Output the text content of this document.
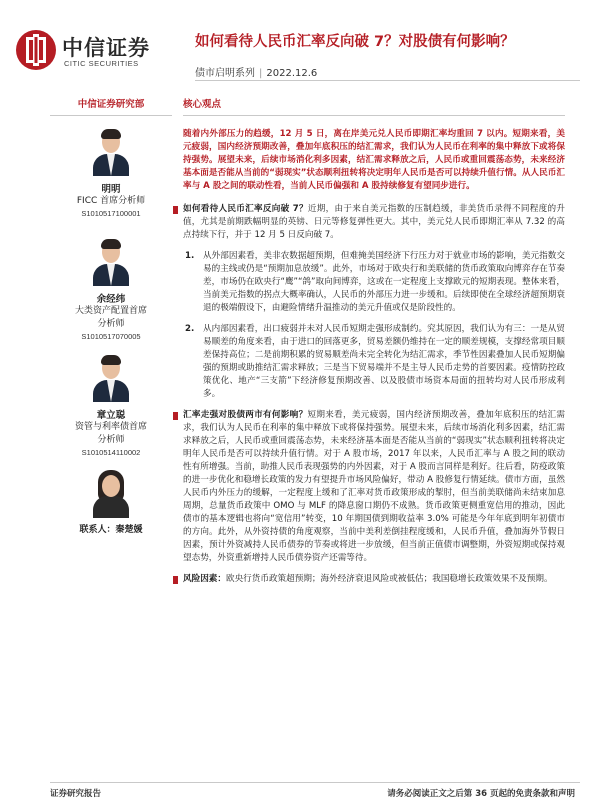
中信证券
CITIC SECURITIES
如何看待人民币汇率反向破 7？对股债有何影响？
债市启明系列 | 2022.12.6
中信证券研究部
明明
FICC 首席分析师
S1010517100001
余经纬
大类资产配置首席
分析师
S1010517070005
章立聪
资管与利率债首席
分析师
S1010514110002
联系人：秦楚媛
核心观点
随着内外部压力的趋缓，12 月 5 日，离在岸美元兑人民币即期汇率均重回 7 以内。短期来看，美元疲弱，国内经济预期改善，叠加年底积压的结汇需求，我们认为人民币在利率的集中释放下或将保持强势。展望未来，后续市场消化利多因素，结汇需求释放之后，人民币或重回震荡态势，未来经济基本面是否能从当前的“弱现实”状态顺利扭转将决定明年人民币是否可以持续升值行情。从人民币汇率与 A 股之间的联动性看，当前人民币偏强和 A 股持续修复有望同步进行。
如何看待人民币汇率反向破 7？近期，由于来自美元指数的压制趋缓，非美货币录得不同程度的升值，尤其是前期跌幅明显的英镑、日元等修复弹性更大。其中，美元兑人民币即期汇率从 7.32 的高点持续下行，并于 12 月 5 日反向破 7。
1. 从外部因素看，美非农数据超预期，但难掩美国经济下行压力对于就业市场的影响，美元指数交易的主线或仍是“预期加息放缓”。此外，市场对于欧央行和美联储的货币政策取向博弈存在节奏差，市场仍在欧央行“鹰”“鸽”取向间博弈，这或在一定程度上支撑欧元的短期表现。整体来看，当前美元指数的拐点大概率确认，人民币的外部压力进一步缓和。后续即使在全球经济超预期衰退的极端假设下，由避险情绪升温推动的美元升值或仅是阶段性的。
2. 从内部因素看，出口疲弱并未对人民币短期走强形成制约。究其原因，我们认为有三：一是从贸易顺差的角度来看，由于进口的回落更多，贸易差额仍维持在一定的顺差规模，支撑经常项目顺差保持高位；二是前期积累的贸易顺差尚未完全转化为结汇需求，季节性因素叠加人民币短期偏强的预期或助推结汇需求释放；三是当下贸易端并不是主导人民币走势的首要因素。疫情防控政策优化、地产“三支箭”下经济修复预期改善、以及股债市场资本局面的扭转均对人民币形成利多。
汇率走强对股债两市有何影响？短期来看，美元疲弱，国内经济预期改善，叠加年底积压的结汇需求，我们认为人民币在利率的集中释放下或将保持强势。展望未来，后续市场消化利多因素，结汇需求释放之后，人民币或重回震荡态势，未来经济基本面是否能从当前的“弱现实”状态顺利扭转将决定明年人民币是否可以持续升值行情。对于 A 股市场，2017 年以来，人民币汇率与 A 股之间的联动性有所增强。当前，助推人民币表现强势的内外因素，对于 A 股而言同样是利好。往后看，防疫政策的进一步优化和稳增长政策的发力有望提升市场风险偏好，带动 A 股修复行情延续。债市方面，虽然人民币内外压力的缓解，一定程度上缓和了汇率对货币政策形成的掣肘，但当前美联储尚未结束加息周期，总量货币政策中 OMO 与 MLF 的降息窗口期仍不成熟。货币政策更侧重宽信用的推动，因此债市的基本逻辑也将向“宽信用”转变，10 年期国债到期收益率 3.0% 可能是今年年底到明年初债市的方向。此外，从外资持债的角度观察，当前中美利差倒挂程度缓和，人民币升值，叠加海外节假日因素，预计外资减持人民币债券的节奏或将进一步放缓，但当前正值债市调整期，外资短期或保持观望态势，外资重新增持人民币债券资产还需等待。
风险因素：欧央行货币政策超预期；海外经济衰退风险或被低估；我国稳增长政策效果不及预期。
证券研究报告	请务必阅读正文之后第 36 页起的免责条款和声明
